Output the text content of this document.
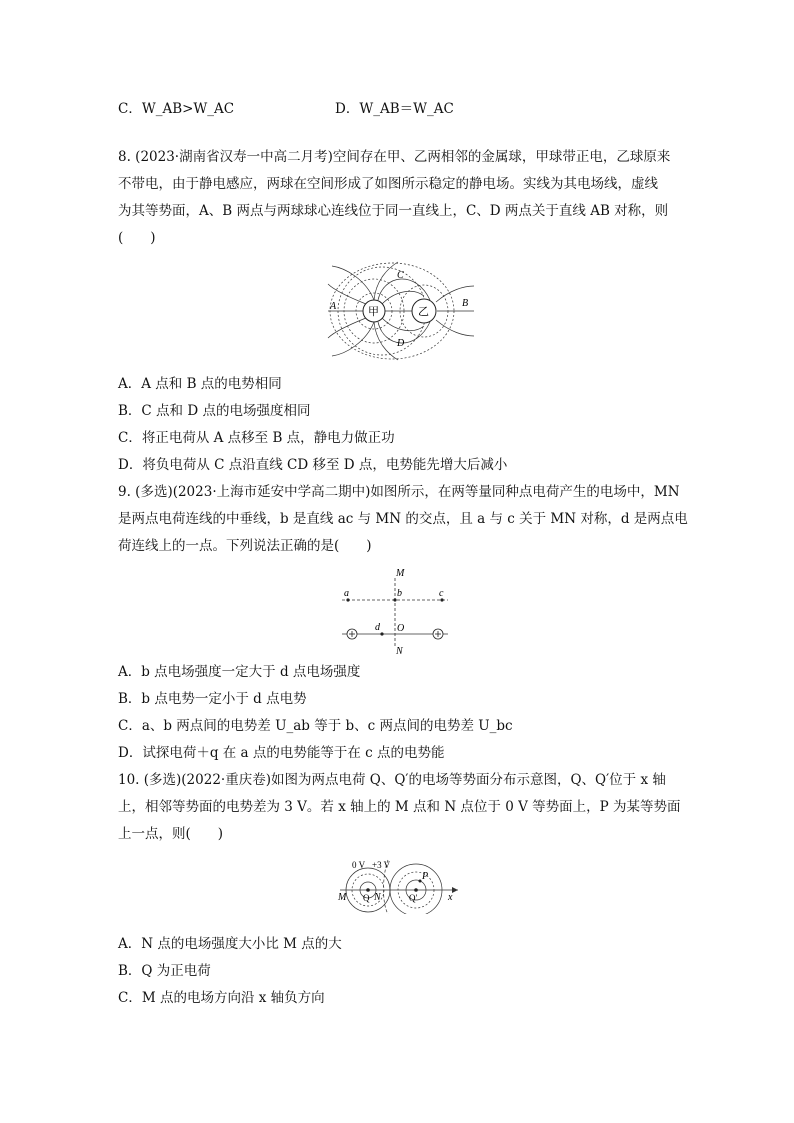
C．W_AB>W_AC	D．W_AB＝W_AC
8. (2023·湖南省汉寿一中高二月考)空间存在甲、乙两相邻的金属球，甲球带正电，乙球原来
不带电，由于静电感应，两球在空间形成了如图所示稳定的静电场。实线为其电场线，虚线
为其等势面，A、B 两点与两球球心连线位于同一直线上，C、D 两点关于直线 AB 对称，则
(　　)
甲	乙
A	B
C
D
A．A 点和 B 点的电势相同
B．C 点和 D 点的电场强度相同
C．将正电荷从 A 点移至 B 点，静电力做正功
D．将负电荷从 C 点沿直线 CD 移至 D 点，电势能先增大后减小
9. (多选)(2023·上海市延安中学高二期中)如图所示，在两等量同种点电荷产生的电场中，MN
是两点电荷连线的中垂线，b 是直线 ac 与 MN 的交点，且 a 与 c 关于 MN 对称，d 是两点电
荷连线上的一点。下列说法正确的是(　　)
M
N
a	b	c
d O
A．b 点电场强度一定大于 d 点电场强度
B．b 点电势一定小于 d 点电势
C．a、b 两点间的电势差 U_ab 等于 b、c 两点间的电势差 U_bc
D．试探电荷＋q 在 a 点的电势能等于在 c 点的电势能
10. (多选)(2022·重庆卷)如图为两点电荷 Q、Q′的电场等势面分布示意图，Q、Q′位于 x 轴
上，相邻等势面的电势差为 3 V。若 x 轴上的 M 点和 N 点位于 0 V 等势面上，P 为某等势面
上一点，则(　　)
0 V +3 V
M Q N	Q′
P
x
A．N 点的电场强度大小比 M 点的大
B．Q 为正电荷
C．M 点的电场方向沿 x 轴负方向
